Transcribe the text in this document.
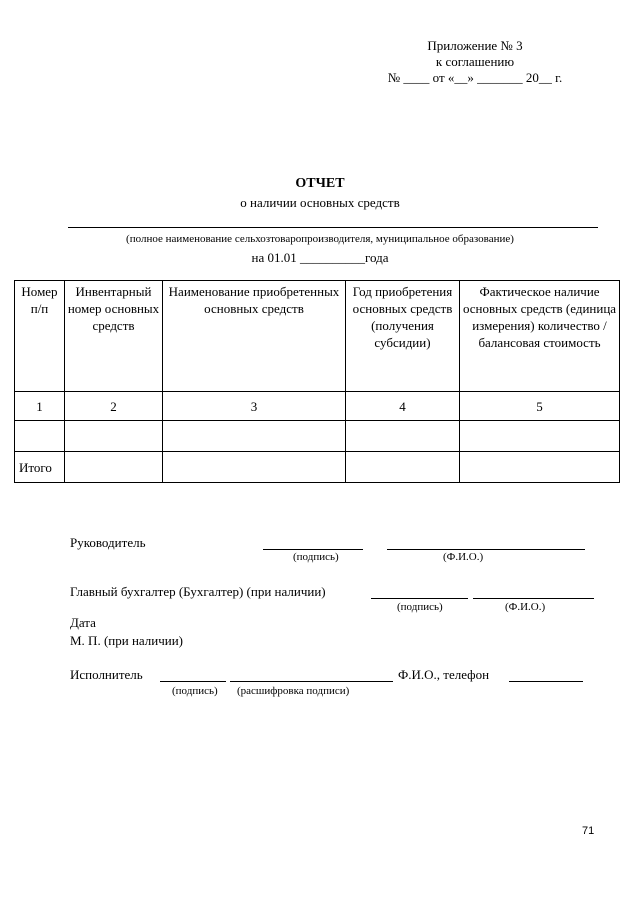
Приложение № 3
к соглашению
№ ____ от «__» _______ 20__ г.
ОТЧЕТ
о наличии основных средств
(полное наименование сельхозтоваропроизводителя, муниципальное образование)
на 01.01 __________года
Номер п/п	Инвентарный номер основных средств	Наименование приобретенных основных средств	Год приобретения основных средств (получения субсидии)	Фактическое наличие основных средств (единица измерения) количество /балансовая стоимость
1	2	3	4	5

Итого				
Руководитель
(подпись)	(Ф.И.О.)
Главный бухгалтер (Бухгалтер) (при наличии)
(подпись)	(Ф.И.О.)
Дата
М. П. (при наличии)
Исполнитель	Ф.И.О., телефон
(подпись) (расшифровка подписи)
71
